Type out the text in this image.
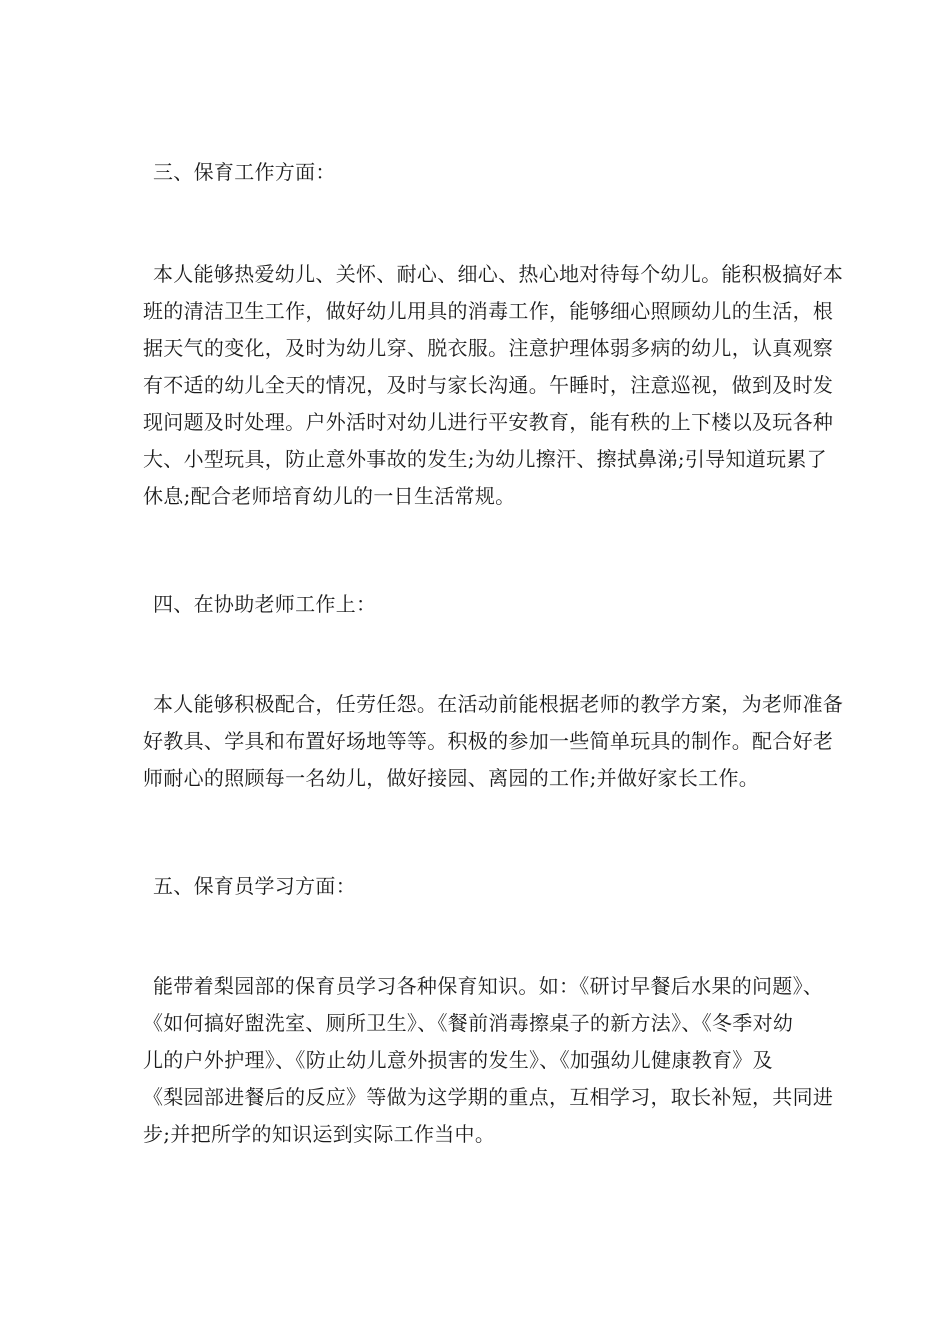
三、保育工作方面：

本人能够热爱幼儿、关怀、耐心、细心、热心地对待每个幼儿。能积极搞好本

班的清洁卫生工作，做好幼儿用具的消毒工作，能够细心照顾幼儿的生活，根

据天气的变化，及时为幼儿穿、脱衣服。注意护理体弱多病的幼儿，认真观察

有不适的幼儿全天的情况，及时与家长沟通。午睡时，注意巡视，做到及时发

现问题及时处理。户外活时对幼儿进行平安教育，能有秩的上下楼以及玩各种

大、小型玩具，防止意外事故的发生;为幼儿擦汗、擦拭鼻涕;引导知道玩累了

休息;配合老师培育幼儿的一日生活常规。

四、在协助老师工作上：

本人能够积极配合，任劳任怨。在活动前能根据老师的教学方案，为老师准备

好教具、学具和布置好场地等等。积极的参加一些简单玩具的制作。配合好老

师耐心的照顾每一名幼儿，做好接园、离园的工作;并做好家长工作。

五、保育员学习方面：

能带着梨园部的保育员学习各种保育知识。如：《研讨早餐后水果的问题》、

《如何搞好盥洗室、厕所卫生》、《餐前消毒擦桌子的新方法》、《冬季对幼

儿的户外护理》、《防止幼儿意外损害的发生》、《加强幼儿健康教育》及

《梨园部进餐后的反应》等做为这学期的重点，互相学习，取长补短，共同进

步;并把所学的知识运到实际工作当中。
